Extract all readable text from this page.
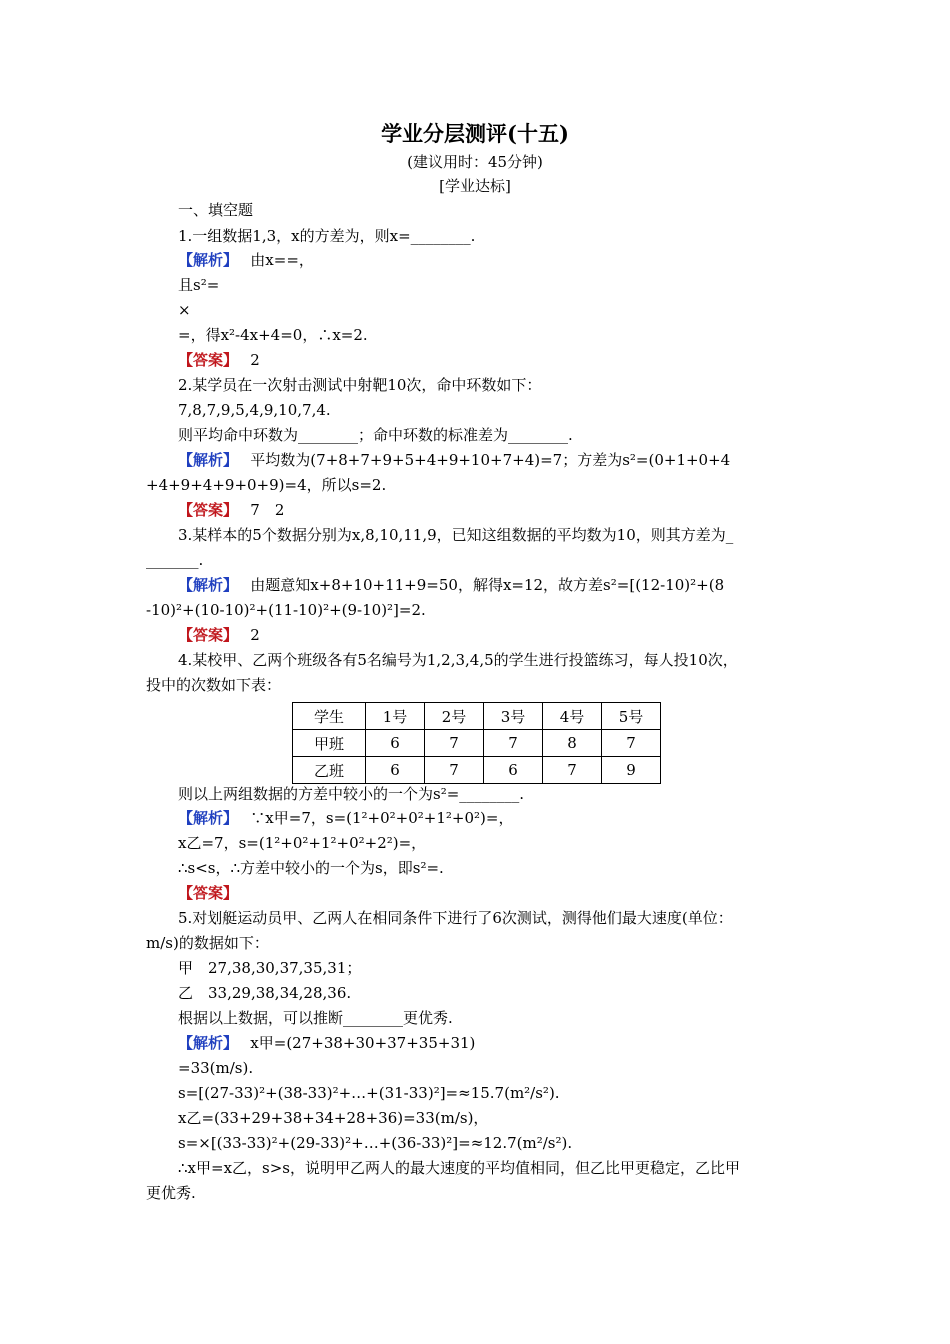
学业分层测评(十五)
(建议用时：45分钟)
[学业达标]
一、填空题
1.一组数据1,3，x的方差为，则x=________.
【解析】　 由x==，
且s²=
×
=，得x²-4x+4=0，∴x=2.
【答案】　 2
2.某学员在一次射击测试中射靶10次，命中环数如下：
7,8,7,9,5,4,9,10,7,4.
则平均命中环数为________；命中环数的标准差为________.
【解析】　 平均数为(7+8+7+9+5+4+9+10+7+4)=7；方差为s²=(0+1+0+4
+4+9+4+9+0+9)=4，所以s=2.
【答案】　 7　2
3.某样本的5个数据分别为x,8,10,11,9，已知这组数据的平均数为10，则其方差为_
_______.
【解析】　 由题意知x+8+10+11+9=50，解得x=12，故方差s²=[(12-10)²+(8
-10)²+(10-10)²+(11-10)²+(9-10)²]=2.
【答案】　 2
4.某校甲、乙两个班级各有5名编号为1,2,3,4,5的学生进行投篮练习，每人投10次，
投中的次数如下表：
学生	1号	2号	3号	4号	5号
甲班	6	7	7	8	7
乙班	6	7	6	7	9
则以上两组数据的方差中较小的一个为s²=________.
【解析】　 ∵x甲=7，s=(1²+0²+0²+1²+0²)=，
x乙=7，s=(1²+0²+1²+0²+2²)=，
∴s<s，∴方差中较小的一个为s，即s²=.
【答案】
5.对划艇运动员甲、乙两人在相同条件下进行了6次测试，测得他们最大速度(单位：
m/s)的数据如下：
甲　27,38,30,37,35,31；
乙　33,29,38,34,28,36.
根据以上数据，可以推断________更优秀.
【解析】　 x甲=(27+38+30+37+35+31)
=33(m/s).
s=[(27-33)²+(38-33)²+…+(31-33)²]=≈15.7(m²/s²).
x乙=(33+29+38+34+28+36)=33(m/s)，
s=×[(33-33)²+(29-33)²+…+(36-33)²]=≈12.7(m²/s²).
∴x甲=x乙，s>s，说明甲乙两人的最大速度的平均值相同，但乙比甲更稳定，乙比甲
更优秀.
